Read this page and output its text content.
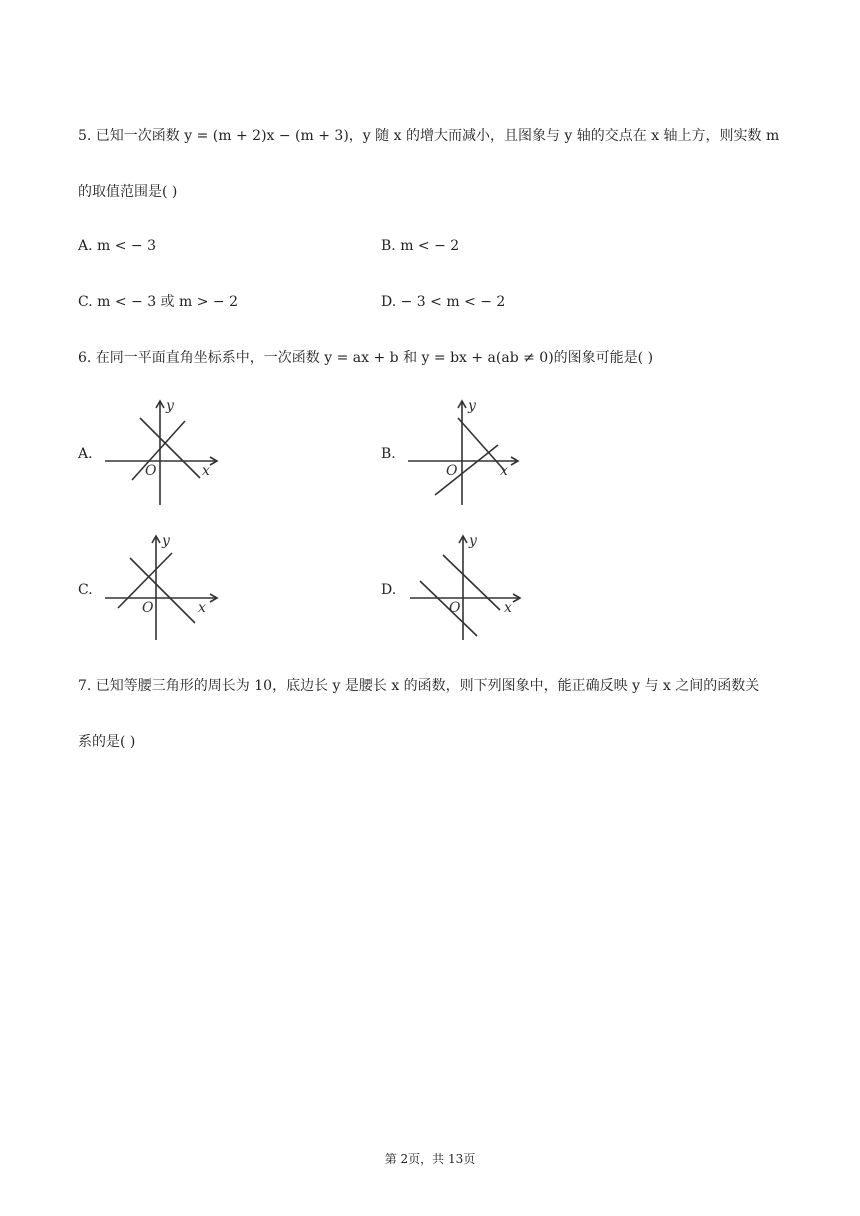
5. 已知一次函数 y = (m + 2)x − (m + 3)，y 随 x 的增大而减小，且图象与 y 轴的交点在 x 轴上方，则实数 m
的取值范围是( )
A. m < − 3	B. m < − 2
C. m < − 3 或 m > − 2	D. − 3 < m < − 2
6. 在同一平面直角坐标系中，一次函数 y = ax + b 和 y = bx + a(ab ≠ 0)的图象可能是( )
A.	B.
C.	D.
y
x
O
y
x
O
y
x
O
y
x
O
7. 已知等腰三角形的周长为 10，底边长 y 是腰长 x 的函数，则下列图象中，能正确反映 y 与 x 之间的函数关
系的是( )
第 2页，共 13页
